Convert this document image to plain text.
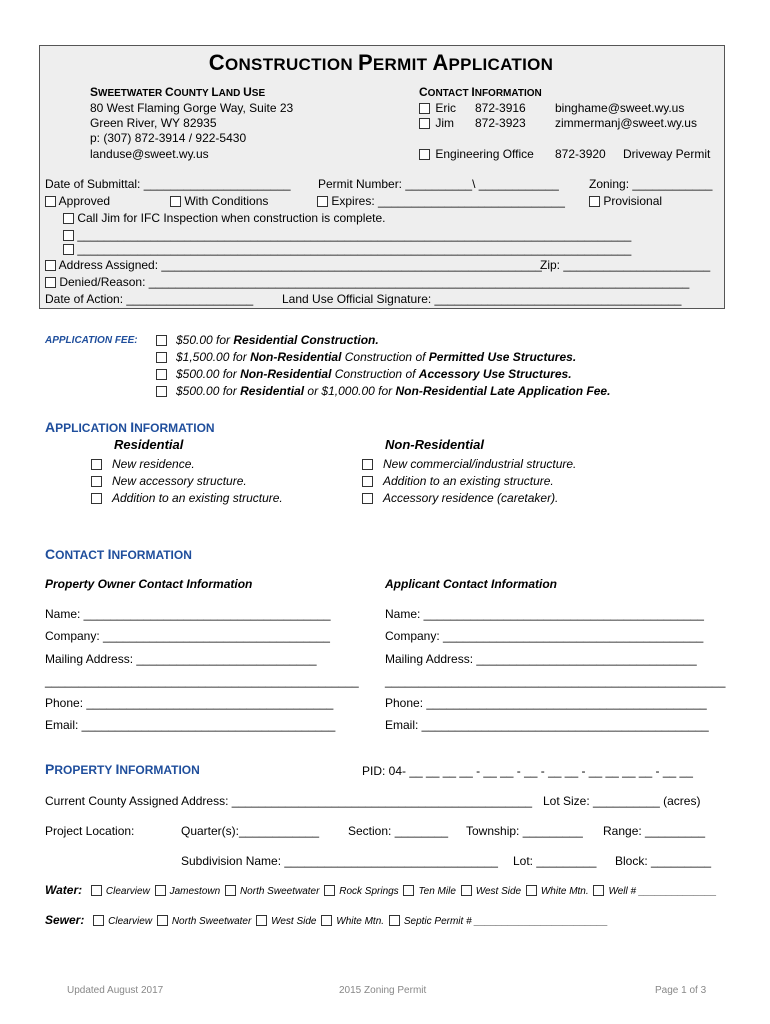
CONSTRUCTION PERMIT APPLICATION
SWEETWATER COUNTY LAND USE
80 West Flaming Gorge Way, Suite 23
Green River, WY 82935
p: (307) 872-3914 / 922-5430
landuse@sweet.wy.us
CONTACT INFORMATION
Eric 872-3916 binghame@sweet.wy.us
Jim 872-3923 zimmermanj@sweet.wy.us
Engineering Office 872-3920 Driveway Permit
Date of Submittal: ______________________ Permit Number: __________\ ____________	Zoning: ____________
Approved	With Conditions	Expires: ____________________________	Provisional
Call Jim for IFC Inspection when construction is complete.
___________________________________________________________________________________
___________________________________________________________________________________
Address Assigned: _________________________________________________________
Zip: ______________________
Denied/Reason: _________________________________________________________________________________
Date of Action: ___________________ Land Use Official Signature: _____________________________________
APPLICATION FEE:	$50.00 for Residential Construction.
$1,500.00 for Non-Residential Construction of Permitted Use Structures.
$500.00 for Non-Residential Construction of Accessory Use Structures.
$500.00 for Residential or $1,000.00 for Non-Residential Late Application Fee.
APPLICATION INFORMATION
Residential	Non-Residential
New residence.
New accessory structure.
Addition to an existing structure.
New commercial/industrial structure.
Addition to an existing structure.
Accessory residence (caretaker).
CONTACT INFORMATION
Property Owner Contact Information	Applicant Contact Information
Name: _____________________________________
Company: __________________________________
Mailing Address: ___________________________
_______________________________________________
Phone: _____________________________________
Email: ______________________________________
Name: __________________________________________
Company: _______________________________________
Mailing Address: _________________________________
___________________________________________________
Phone: __________________________________________
Email: ___________________________________________
PROPERTY INFORMATION	PID: 04- __ __ __ __ - __ __ - __ - __ __ - __ __ __ __ - __ __
Current County Assigned Address: _____________________________________________ Lot Size: __________ (acres)
Project Location:	Quarter(s):____________ Section: ________ Township: _________ Range: _________
Subdivision Name: ________________________________ Lot: _________ Block: _________
Water: Clearview Jamestown North Sweetwater Rock Springs Ten Mile West Side White Mtn. Well # ______________
Sewer: Clearview North Sweetwater West Side White Mtn. Septic Permit # ________________________
Updated August 2017	2015 Zoning Permit	Page 1 of 3
